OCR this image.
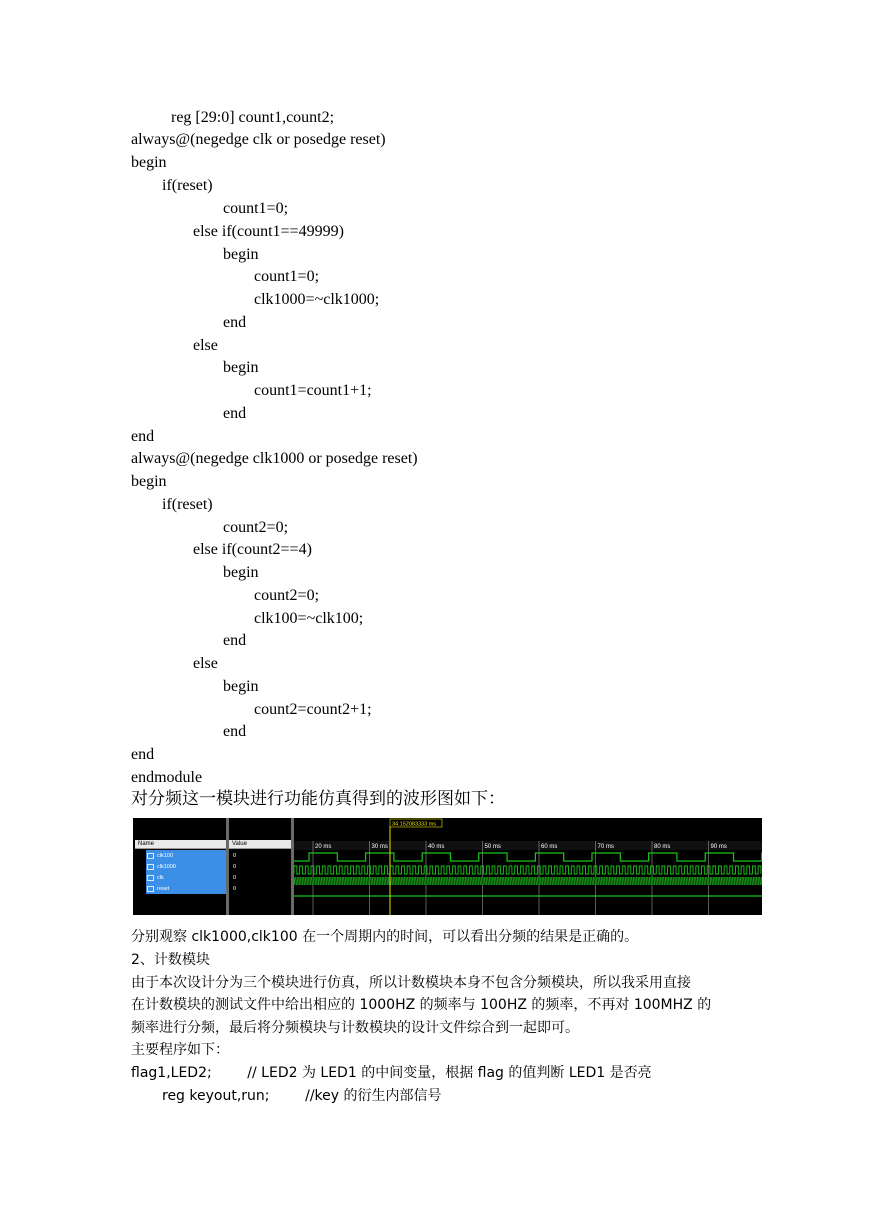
reg [29:0] count1,count2;
always@(negedge clk or posedge reset)
begin
if(reset)
count1=0;
else if(count1==49999)
begin
count1=0;
clk1000=~clk1000;
end
else
begin
count1=count1+1;
end
end
always@(negedge clk1000 or posedge reset)
begin
if(reset)
count2=0;
else if(count2==4)
begin
count2=0;
clk100=~clk100;
end
else
begin
count2=count2+1;
end
end
endmodule
对分频这一模块进行功能仿真得到的波形图如下：
Name
clk100
clk1000
clk
reset
Value
0
0
0
0
20 ms	30 ms	40 ms	50 ms	60 ms	70 ms	80 ms	90 ms
34.152083333 ms
分别观察 clk1000,clk100 在一个周期内的时间，可以看出分频的结果是正确的。
2、计数模块
由于本次设计分为三个模块进行仿真，所以计数模块本身不包含分频模块，所以我采用直接
在计数模块的测试文件中给出相应的 1000HZ 的频率与 100HZ 的频率，不再对 100MHZ 的
频率进行分频，最后将分频模块与计数模块的设计文件综合到一起即可。
主要程序如下：
flag1,LED2;        // LED2 为 LED1 的中间变量，根据 flag 的值判断 LED1 是否亮
reg keyout,run;        //key 的衍生内部信号
